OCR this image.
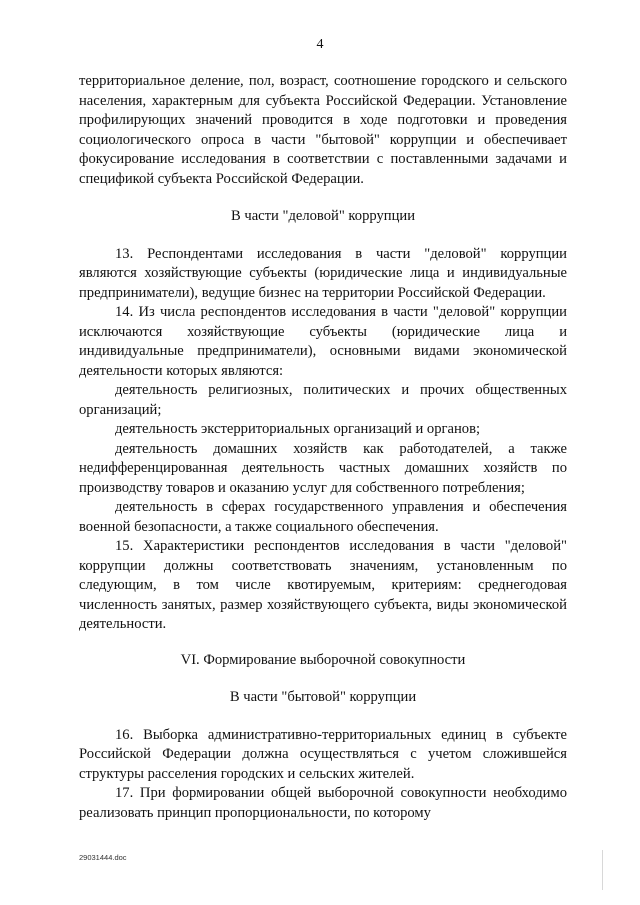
4

территориальное деление, пол, возраст, соотношение городского и сельского населения, характерным для субъекта Российской Федерации. Установление профилирующих значений проводится в ходе подготовки и проведения социологического опроса в части "бытовой" коррупции и обеспечивает фокусирование исследования в соответствии с поставленными задачами и спецификой субъекта Российской Федерации.

В части "деловой" коррупции

13. Респондентами исследования в части "деловой" коррупции являются хозяйствующие субъекты (юридические лица и индивидуальные предприниматели), ведущие бизнес на территории Российской Федерации.

14. Из числа респондентов исследования в части "деловой" коррупции исключаются хозяйствующие субъекты (юридические лица и индивидуальные предприниматели), основными видами экономической деятельности которых являются:

деятельность религиозных, политических и прочих общественных организаций;

деятельность экстерриториальных организаций и органов;

деятельность домашних хозяйств как работодателей, а также недифференцированная деятельность частных домашних хозяйств по производству товаров и оказанию услуг для собственного потребления;

деятельность в сферах государственного управления и обеспечения военной безопасности, а также социального обеспечения.

15. Характеристики респондентов исследования в части "деловой" коррупции должны соответствовать значениям, установленным по следующим, в том числе квотируемым, критериям: среднегодовая численность занятых, размер хозяйствующего субъекта, виды экономической деятельности.

VI. Формирование выборочной совокупности

В части "бытовой" коррупции

16. Выборка административно-территориальных единиц в субъекте Российской Федерации должна осуществляться с учетом сложившейся структуры расселения городских и сельских жителей.

17. При формировании общей выборочной совокупности необходимо реализовать принцип пропорциональности, по которому

29031444.doc
